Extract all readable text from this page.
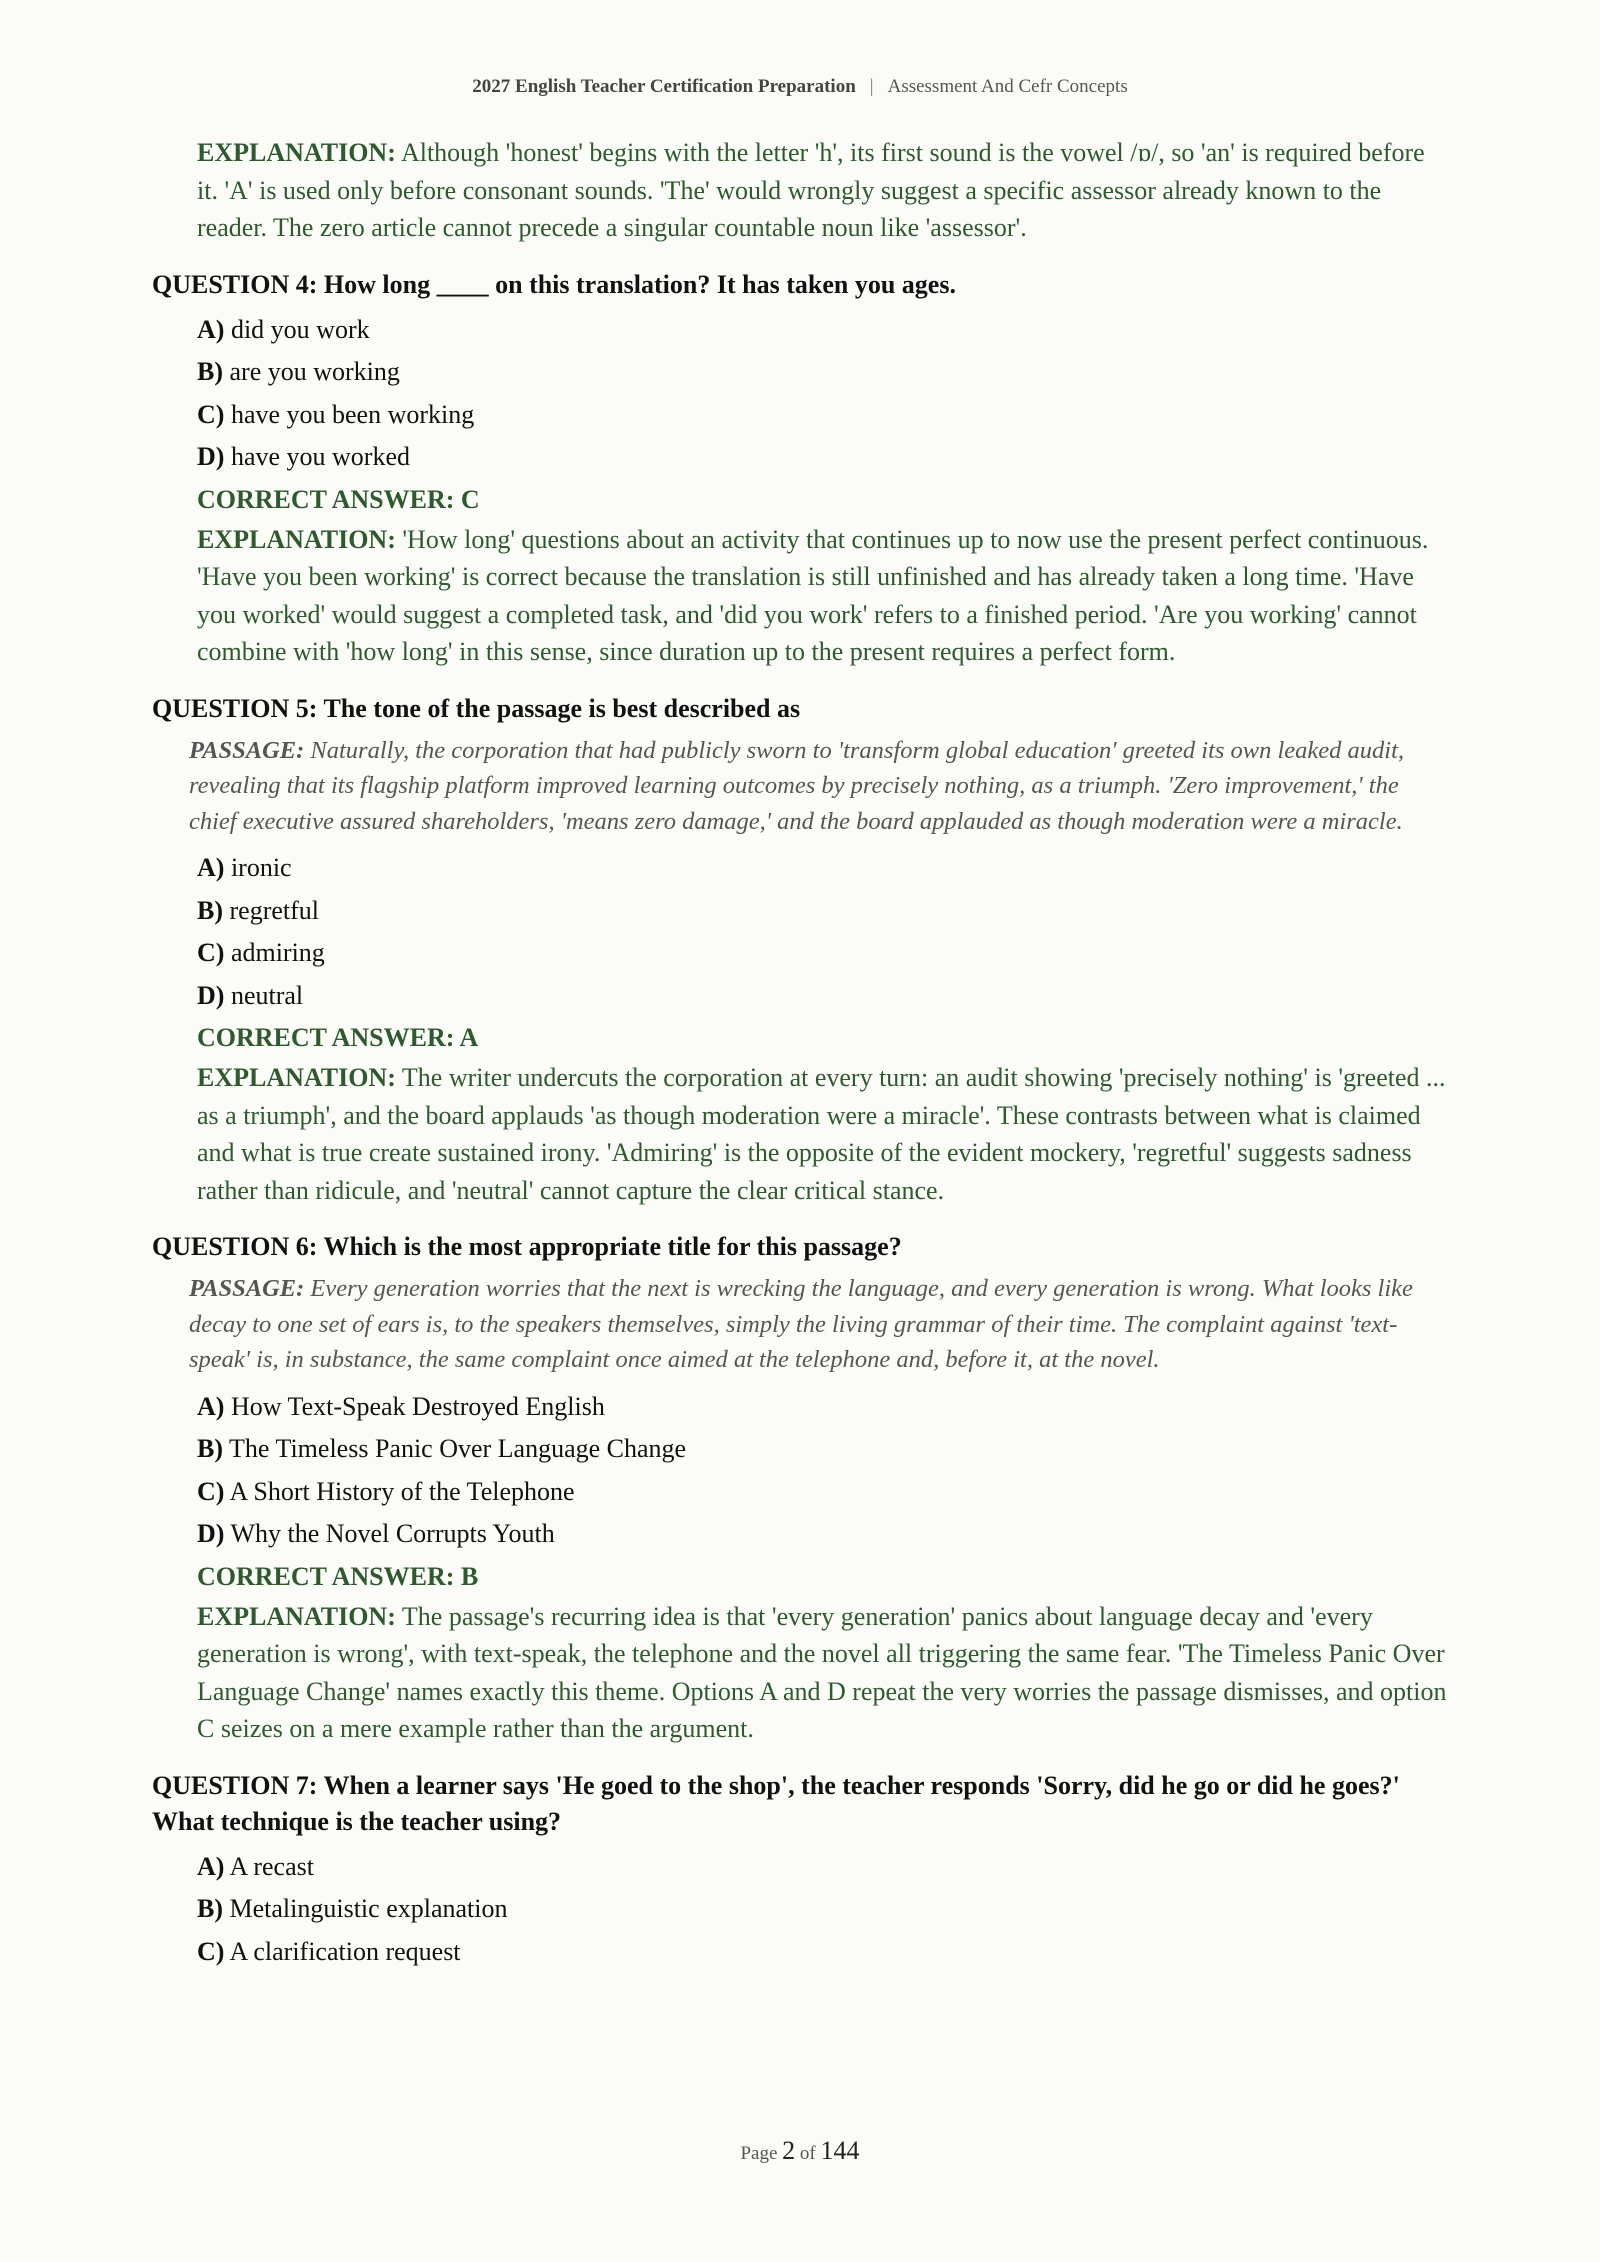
2027 English Teacher Certification Preparation | Assessment And Cefr Concepts
EXPLANATION: Although 'honest' begins with the letter 'h', its first sound is the vowel /ɒ/, so 'an' is required before it. 'A' is used only before consonant sounds. 'The' would wrongly suggest a specific assessor already known to the reader. The zero article cannot precede a singular countable noun like 'assessor'.
QUESTION 4: How long ____ on this translation? It has taken you ages.
A) did you work
B) are you working
C) have you been working
D) have you worked
CORRECT ANSWER: C
EXPLANATION: 'How long' questions about an activity that continues up to now use the present perfect continuous. 'Have you been working' is correct because the translation is still unfinished and has already taken a long time. 'Have you worked' would suggest a completed task, and 'did you work' refers to a finished period. 'Are you working' cannot combine with 'how long' in this sense, since duration up to the present requires a perfect form.
QUESTION 5: The tone of the passage is best described as
PASSAGE: Naturally, the corporation that had publicly sworn to 'transform global education' greeted its own leaked audit, revealing that its flagship platform improved learning outcomes by precisely nothing, as a triumph. 'Zero improvement,' the chief executive assured shareholders, 'means zero damage,' and the board applauded as though moderation were a miracle.
A) ironic
B) regretful
C) admiring
D) neutral
CORRECT ANSWER: A
EXPLANATION: The writer undercuts the corporation at every turn: an audit showing 'precisely nothing' is 'greeted ... as a triumph', and the board applauds 'as though moderation were a miracle'. These contrasts between what is claimed and what is true create sustained irony. 'Admiring' is the opposite of the evident mockery, 'regretful' suggests sadness rather than ridicule, and 'neutral' cannot capture the clear critical stance.
QUESTION 6: Which is the most appropriate title for this passage?
PASSAGE: Every generation worries that the next is wrecking the language, and every generation is wrong. What looks like decay to one set of ears is, to the speakers themselves, simply the living grammar of their time. The complaint against 'text-speak' is, in substance, the same complaint once aimed at the telephone and, before it, at the novel.
A) How Text-Speak Destroyed English
B) The Timeless Panic Over Language Change
C) A Short History of the Telephone
D) Why the Novel Corrupts Youth
CORRECT ANSWER: B
EXPLANATION: The passage's recurring idea is that 'every generation' panics about language decay and 'every generation is wrong', with text-speak, the telephone and the novel all triggering the same fear. 'The Timeless Panic Over Language Change' names exactly this theme. Options A and D repeat the very worries the passage dismisses, and option C seizes on a mere example rather than the argument.
QUESTION 7: When a learner says 'He goed to the shop', the teacher responds 'Sorry, did he go or did he goes?' What technique is the teacher using?
A) A recast
B) Metalinguistic explanation
C) A clarification request
Page 2 of 144
